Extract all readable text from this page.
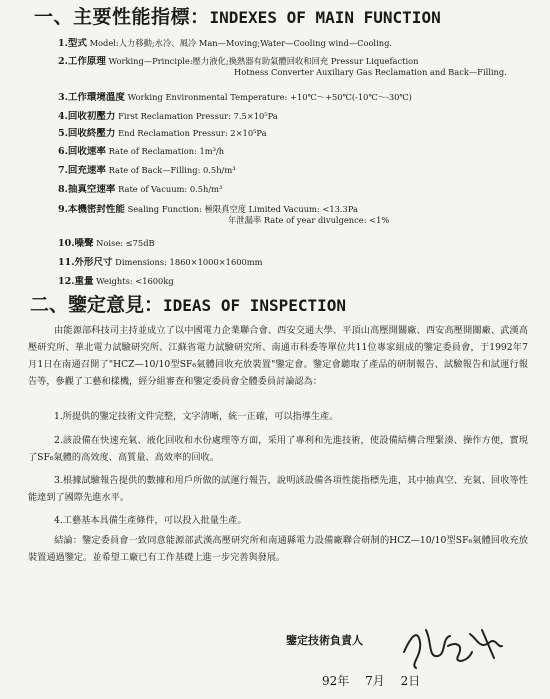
一、主要性能指標：INDEXES OF MAIN FUNCTION
1.型式 Model:人力移動;水冷、風冷 Man—Moving;Water—Cooling wind—Cooling.
2.工作原理 Working—Principle:壓力液化;換熱器有助氣體回收和回充 Pressur Liquefaction
Hotness Converter Auxiliary Gas Reclamation and Back—Filling.
3.工作環境溫度 Working Environmental Temperature: +10℃～+50℃(-10℃～-30℃)
4.回收初壓力 First Reclamation Pressur: 7.5×10⁵Pa
5.回收終壓力 End Reclamation Pressur: 2×10⁵Pa
6.回收速率 Rate of Reclamation: 1m³/h
7.回充速率 Rate of Back—Filling: 0.5h/m³
8.抽真空速率 Rate of Vacuum: 0.5h/m³
9.本機密封性能 Sealing Function: 極限真空度 Limited Vacuum: <13.3Pa
年泄漏率 Rate of year divulgence: <1%
10.噪聲 Noise: ≤75dB
11.外形尺寸 Dimensions: 1860×1000×1600mm
12.重量 Weights: <1600kg
二、鑒定意見：IDEAS OF INSPECTION
由能源部科技司主持並成立了以中國電力企業聯合會、西安交通大學、平頂山高壓開關廠、西安高壓開關廠、武漢高壓研究所、華北電力試驗研究所、江蘇省電力試驗研究所、南通市科委等單位共11位專家組成的鑒定委員會，于1992年7月1日在南通召開了"HCZ—10/10型SF₆氣體回收充放裝置"鑒定會。鑒定會聽取了產品的研制報告、試驗報告和試運行報告等，參觀了工藝和樣機，經分組審查和鑒定委員會全體委員討論認為：
1.所提供的鑒定技術文件完整，文字清晰，統一正確，可以指導生產。
2.該設備在快速充氣、液化回收和水份處理等方面，采用了專利和先進技術，使設備結構合理緊湊、操作方便，實現了SF₆氣體的高效度、高質量、高效率的回收。
3.根據試驗報告提供的數據和用戶所做的試運行報告，說明該設備各項性能指標先進，其中抽真空、充氣、回收等性能達到了國際先進水平。
4.工藝基本具備生產條件，可以投入批量生產。
結論：鑒定委員會一致同意能源部武漢高壓研究所和南通縣電力設備廠聯合研制的HCZ—10/10型SF₆氣體回收充放裝置通過鑒定。並希望工廠已有工作基礎上進一步完善與發展。
鑒定技術負責人
92年 7月 2日
